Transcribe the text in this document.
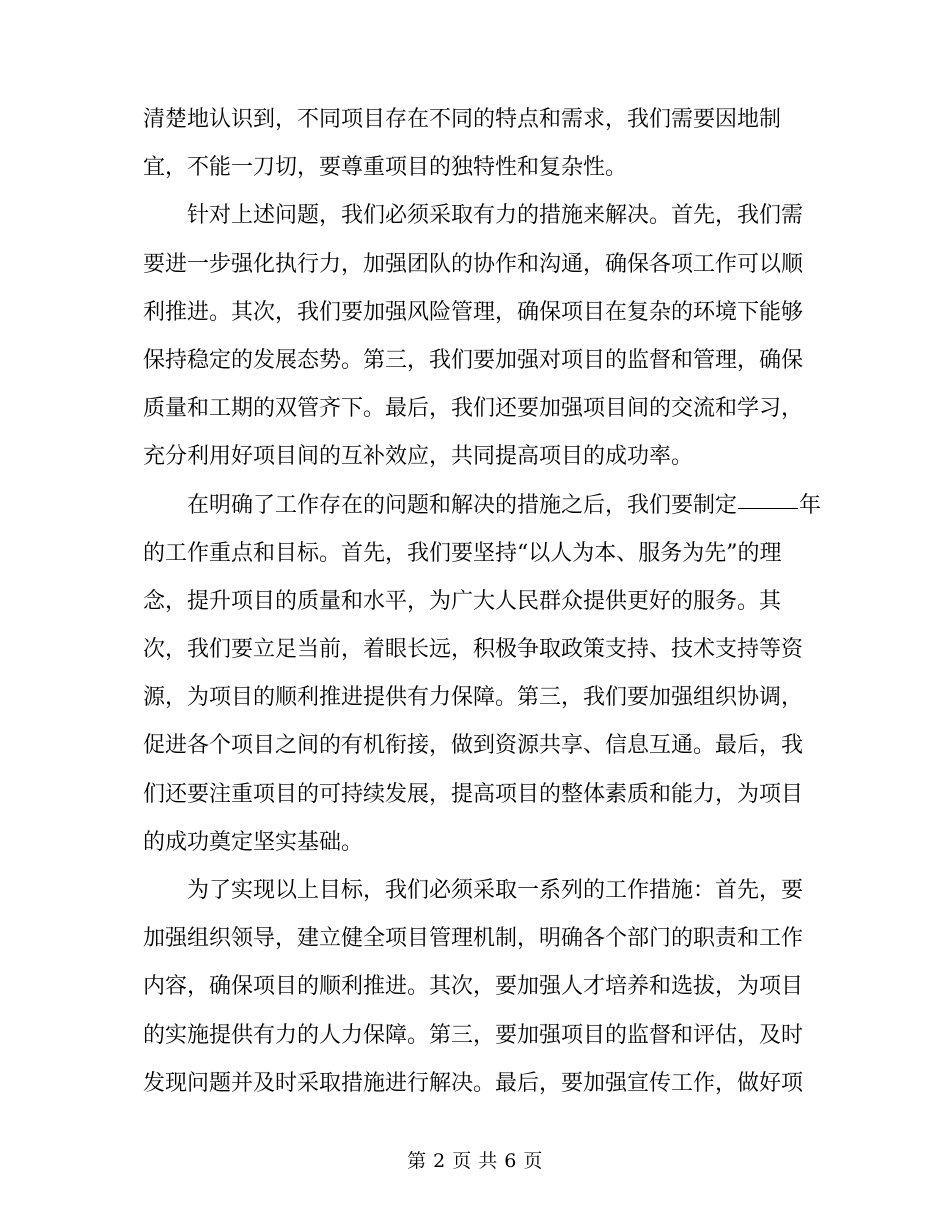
清楚地认识到，不同项目存在不同的特点和需求，我们需要因地制
宜，不能一刀切，要尊重项目的独特性和复杂性。
针对上述问题，我们必须采取有力的措施来解决。首先，我们需
要进一步强化执行力，加强团队的协作和沟通，确保各项工作可以顺
利推进。其次，我们要加强风险管理，确保项目在复杂的环境下能够
保持稳定的发展态势。第三，我们要加强对项目的监督和管理，确保
质量和工期的双管齐下。最后，我们还要加强项目间的交流和学习，
充分利用好项目间的互补效应，共同提高项目的成功率。
在明确了工作存在的问题和解决的措施之后，我们要制定	年
的工作重点和目标。首先，我们要坚持“以人为本、服务为先”的理
念，提升项目的质量和水平，为广大人民群众提供更好的服务。其
次，我们要立足当前，着眼长远，积极争取政策支持、技术支持等资
源，为项目的顺利推进提供有力保障。第三，我们要加强组织协调，
促进各个项目之间的有机衔接，做到资源共享、信息互通。最后，我
们还要注重项目的可持续发展，提高项目的整体素质和能力，为项目
的成功奠定坚实基础。
为了实现以上目标，我们必须采取一系列的工作措施：首先，要
加强组织领导，建立健全项目管理机制，明确各个部门的职责和工作
内容，确保项目的顺利推进。其次，要加强人才培养和选拔，为项目
的实施提供有力的人力保障。第三，要加强项目的监督和评估，及时
发现问题并及时采取措施进行解决。最后，要加强宣传工作，做好项
第 2 页 共 6 页
